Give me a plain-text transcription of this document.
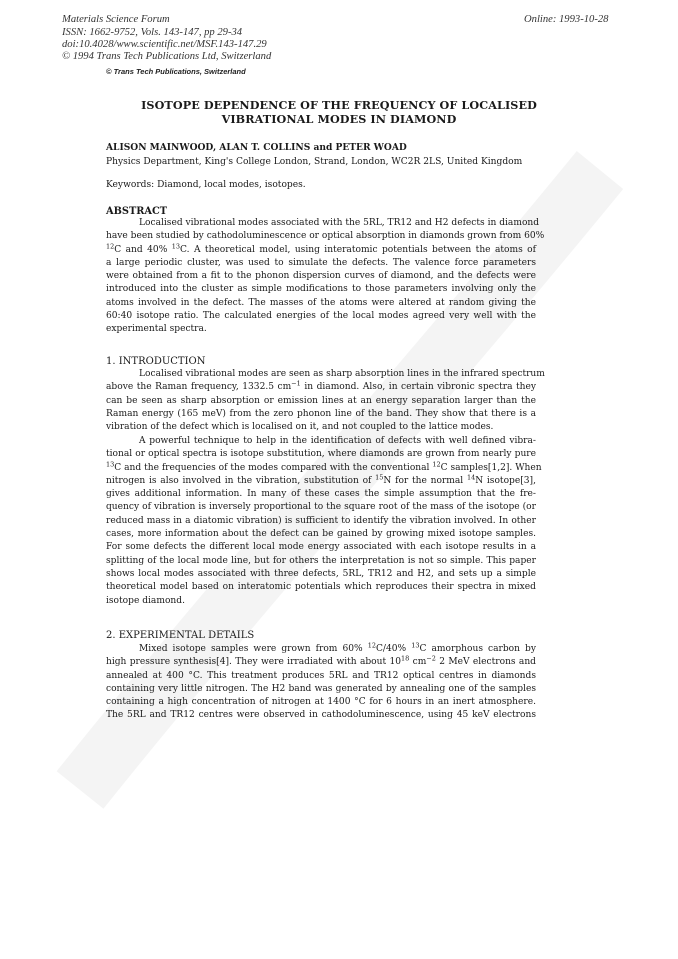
Materials Science Forum
ISSN: 1662-9752, Vols. 143-147, pp 29-34
doi:10.4028/www.scientific.net/MSF.143-147.29
© 1994 Trans Tech Publications Ltd, Switzerland
Online: 1993-10-28
© Trans Tech Publications, Switzerland
ISOTOPE DEPENDENCE OF THE FREQUENCY OF LOCALISED
VIBRATIONAL MODES IN DIAMOND
ALISON MAINWOOD, ALAN T. COLLINS and PETER WOAD
Physics Department, King's College London, Strand, London, WC2R 2LS, United Kingdom
Keywords: Diamond, local modes, isotopes.
ABSTRACT
Localised vibrational modes associated with the 5RL, TR12 and H2 defects in diamond
have been studied by cathodoluminescence or optical absorption in diamonds grown from 60%
$^{12}$C and 40% $^{13}$C. A theoretical model, using interatomic potentials between the atoms of
a large periodic cluster, was used to simulate the defects. The valence force parameters
were obtained from a fit to the phonon dispersion curves of diamond, and the defects were
introduced into the cluster as simple modifications to those parameters involving only the
atoms involved in the defect. The masses of the atoms were altered at random giving the
60:40 isotope ratio. The calculated energies of the local modes agreed very well with the
experimental spectra.
1. INTRODUCTION
Localised vibrational modes are seen as sharp absorption lines in the infrared spectrum
above the Raman frequency, 1332.5 $cm^{-1}$ in diamond. Also, in certain vibronic spectra they
can be seen as sharp absorption or emission lines at an energy separation larger than the
Raman energy (165 meV) from the zero phonon line of the band. They show that there is a
vibration of the defect which is localised on it, and not coupled to the lattice modes.
A powerful technique to help in the identification of defects with well defined vibra-
tional or optical spectra is isotope substitution, where diamonds are grown from nearly pure
$^{13}$C and the frequencies of the modes compared with the conventional $^{12}$C samples[1,2]. When
nitrogen is also involved in the vibration, substitution of $^{15}$N for the normal $^{14}$N isotope[3],
gives additional information. In many of these cases the simple assumption that the fre-
quency of vibration is inversely proportional to the square root of the mass of the isotope (or
reduced mass in a diatomic vibration) is sufficient to identify the vibration involved. In other
cases, more information about the defect can be gained by growing mixed isotope samples.
For some defects the different local mode energy associated with each isotope results in a
splitting of the local mode line, but for others the interpretation is not so simple. This paper
shows local modes associated with three defects, 5RL, TR12 and H2, and sets up a simple
theoretical model based on interatomic potentials which reproduces their spectra in mixed
isotope diamond.
2. EXPERIMENTAL DETAILS
Mixed isotope samples were grown from 60% $^{12}$C/40% $^{13}$C amorphous carbon by
high pressure synthesis[4]. They were irradiated with about $10^{18}$ $cm^{-2}$ 2 MeV electrons and
annealed at 400 °C. This treatment produces 5RL and TR12 optical centres in diamonds
containing very little nitrogen. The H2 band was generated by annealing one of the samples
containing a high concentration of nitrogen at 1400 °C for 6 hours in an inert atmosphere.
The 5RL and TR12 centres were observed in cathodoluminescence, using 45 keV electrons
